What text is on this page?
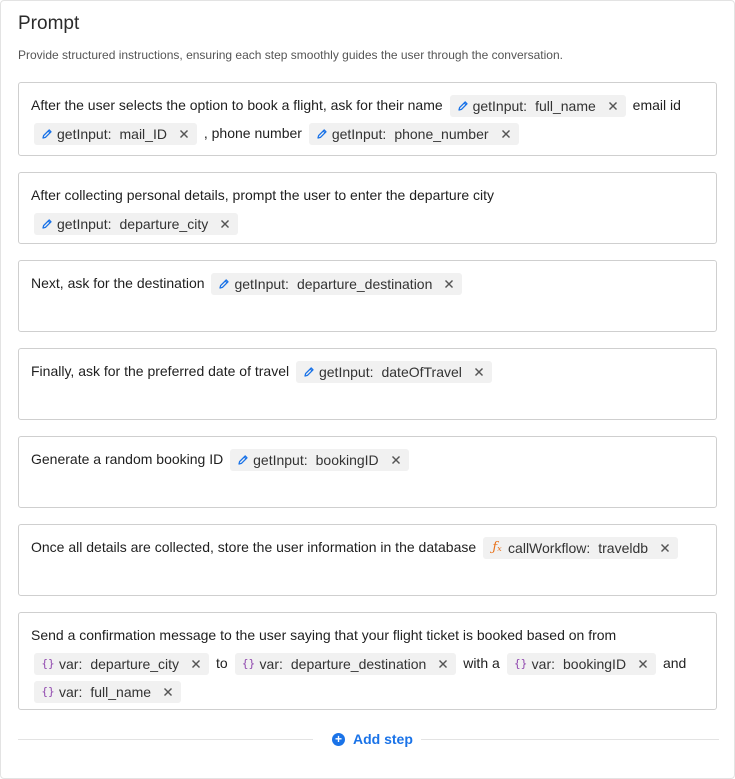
Prompt
Provide structured instructions, ensuring each step smoothly guides the user through the conversation.
After the user selects the option to book a flight, ask for their name getInput: full_name	email id
getInput: mail_ID	, phone number getInput: phone_number
After collecting personal details, prompt the user to enter the departure city
getInput: departure_city
Next, ask for the destination getInput: departure_destination
Finally, ask for the preferred date of travel getInput: dateOfTravel
Generate a random booking ID getInput: bookingID
Once all details are collected, store the user information in the database ƒₓ callWorkflow: traveldb
Send a confirmation message to the user saying that your flight ticket is booked based on from
{} var: departure_city	to {} var: departure_destination	with a {} var: bookingID	and
{} var: full_name
+ Add step
